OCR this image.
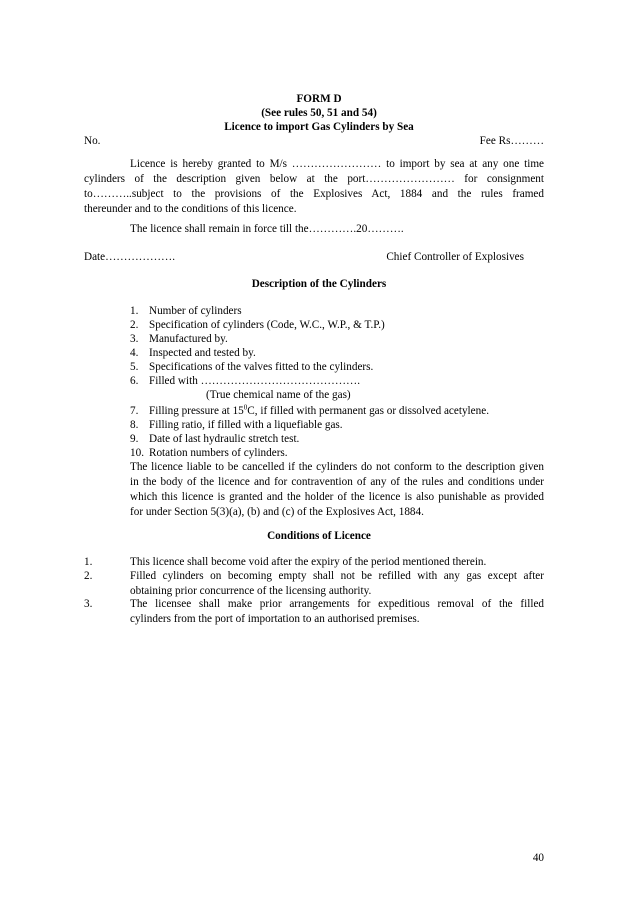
FORM D
(See rules 50, 51 and 54)
Licence to import Gas Cylinders by Sea
No.	Fee Rs………
Licence is hereby granted to M/s …………………… to import by sea at any one time
cylinders of the description given below at the port…………………… for consignment
to………..subject to the provisions of the Explosives Act, 1884 and the rules framed
thereunder and to the conditions of this licence.
The licence shall remain in force till the………….20……….
Date……………….	Chief Controller of Explosives
Description of the Cylinders
1. Number of cylinders
2. Specification of cylinders (Code, W.C., W.P., & T.P.)
3. Manufactured by.
4. Inspected and tested by.
5. Specifications of the valves fitted to the cylinders.
6. Filled with …………………………………….
(True chemical name of the gas)
7. Filling pressure at $15^0C$, if filled with permanent gas or dissolved acetylene.
8. Filling ratio, if filled with a liquefiable gas.
9. Date of last hydraulic stretch test.
10. Rotation numbers of cylinders.
The licence liable to be cancelled if the cylinders do not conform to the description given
in the body of the licence and for contravention of any of the rules and conditions under
which this licence is granted and the holder of the licence is also punishable as provided
for under Section 5(3)(a), (b) and (c) of the Explosives Act, 1884.
Conditions of Licence
1.	This licence shall become void after the expiry of the period mentioned therein.
2.	Filled cylinders on becoming empty shall not be refilled with any gas except after
obtaining prior concurrence of the licensing authority.
3.	The licensee shall make prior arrangements for expeditious removal of the filled
cylinders from the port of importation to an authorised premises.
40
